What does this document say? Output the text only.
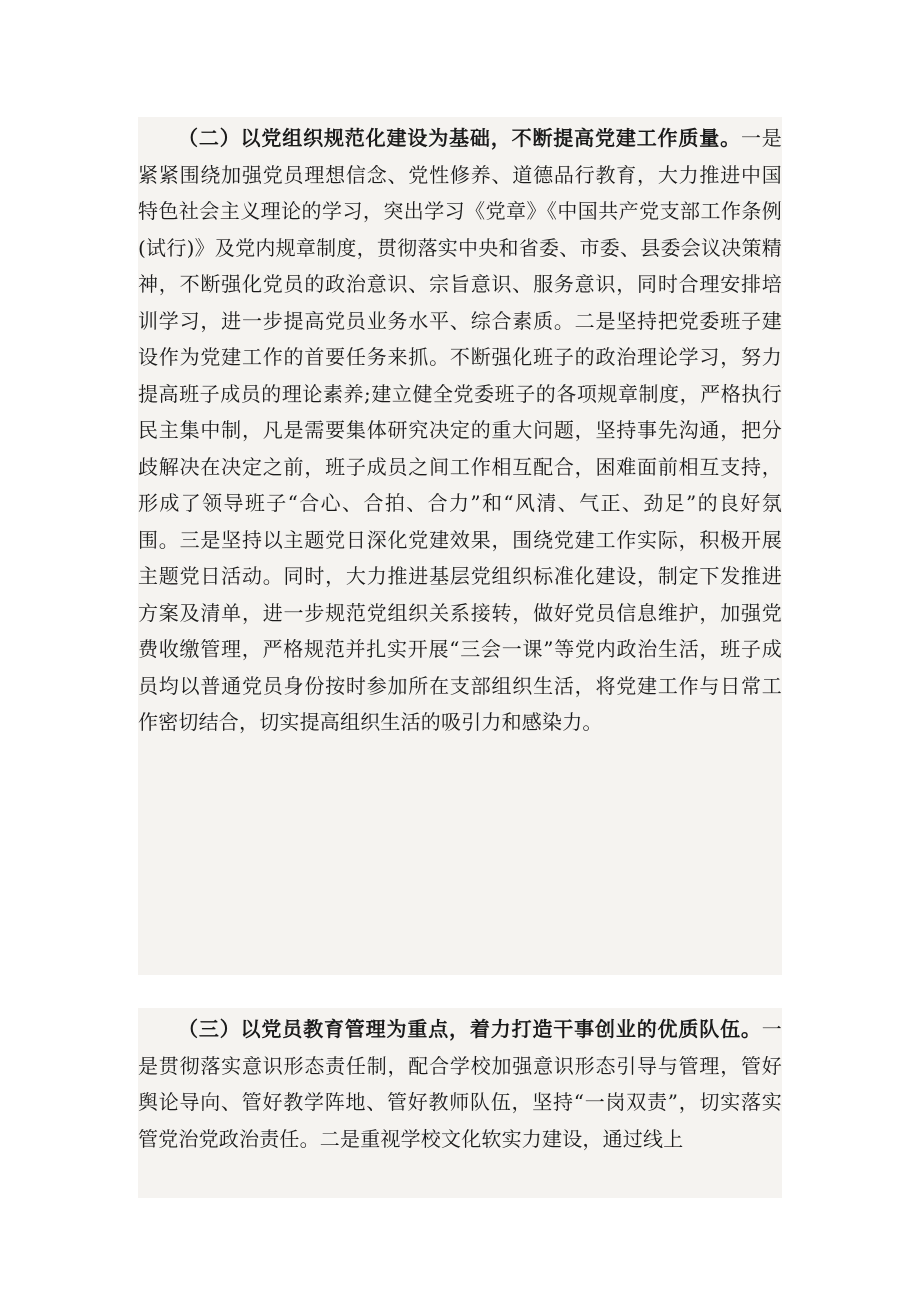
（二）以党组织规范化建设为基础，不断提高党建工作质量。一是紧紧围绕加强党员理想信念、党性修养、道德品行教育，大力推进中国特色社会主义理论的学习，突出学习《党章》《中国共产党支部工作条例(试行)》及党内规章制度，贯彻落实中央和省委、市委、县委会议决策精神，不断强化党员的政治意识、宗旨意识、服务意识，同时合理安排培训学习，进一步提高党员业务水平、综合素质。二是坚持把党委班子建设作为党建工作的首要任务来抓。不断强化班子的政治理论学习，努力提高班子成员的理论素养;建立健全党委班子的各项规章制度，严格执行民主集中制，凡是需要集体研究决定的重大问题，坚持事先沟通，把分歧解决在决定之前，班子成员之间工作相互配合，困难面前相互支持，形成了领导班子“合心、合拍、合力”和“风清、气正、劲足”的良好氛围。三是坚持以主题党日深化党建效果，围绕党建工作实际，积极开展主题党日活动。同时，大力推进基层党组织标准化建设，制定下发推进方案及清单，进一步规范党组织关系接转，做好党员信息维护，加强党费收缴管理，严格规范并扎实开展“三会一课”等党内政治生活，班子成员均以普通党员身份按时参加所在支部组织生活，将党建工作与日常工作密切结合，切实提高组织生活的吸引力和感染力。

（三）以党员教育管理为重点，着力打造干事创业的优质队伍。一是贯彻落实意识形态责任制，配合学校加强意识形态引导与管理，管好舆论导向、管好教学阵地、管好教师队伍，坚持“一岗双责”，切实落实管党治党政治责任。二是重视学校文化软实力建设，通过线上
